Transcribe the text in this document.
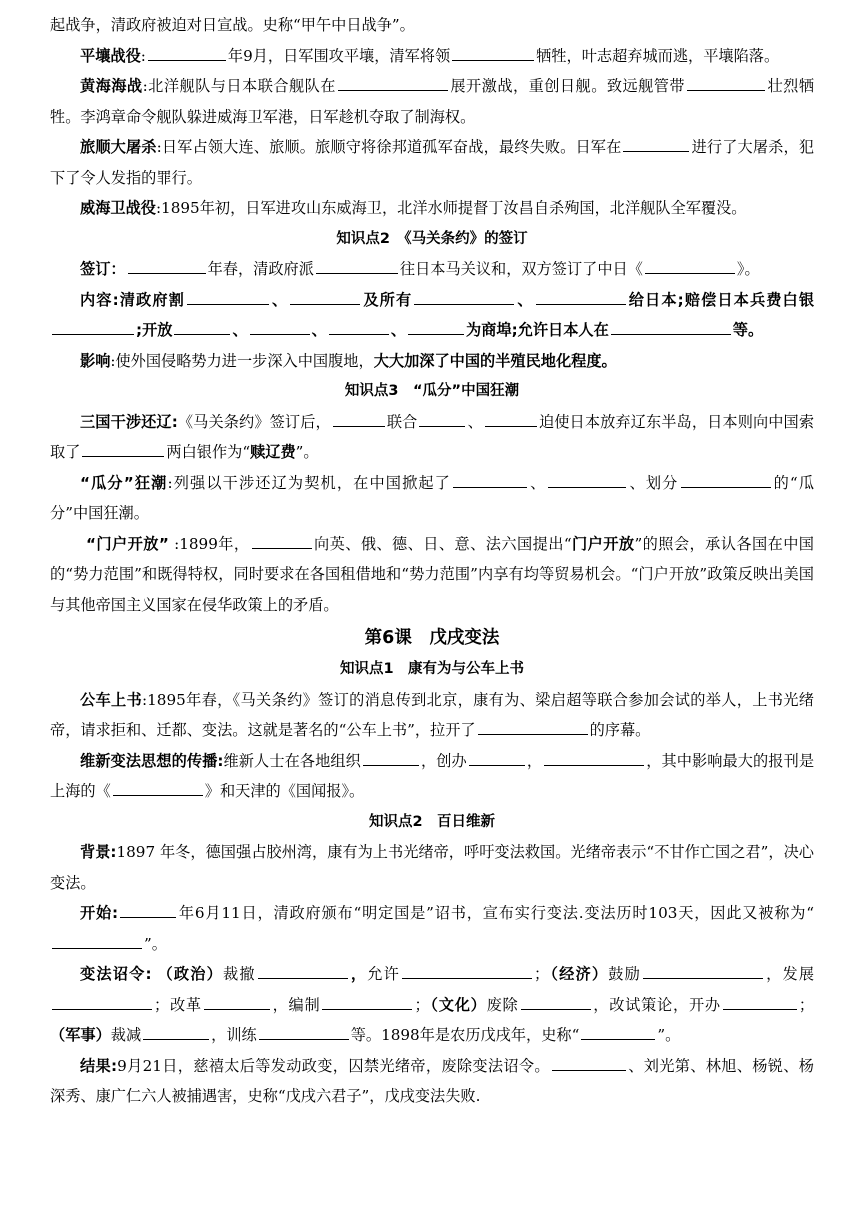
起战争，清政府被迫对日宣战。史称“甲午中日战争”。

平壤战役:	年9月，日军围攻平壤，清军将领	牺牲，叶志超弃城而逃，平壤陷落。

黄海海战:北洋舰队与日本联合舰队在	展开激战，重创日舰。致远舰管带	壮烈牺牲。李鸿章命令舰队躲进威海卫军港，日军趁机夺取了制海权。

旅顺大屠杀:日军占领大连、旅顺。旅顺守将徐邦道孤军奋战，最终失败。日军在	进行了大屠杀，犯下了令人发指的罪行。

威海卫战役:1895年初，日军进攻山东威海卫，北洋水师提督丁汝昌自杀殉国，北洋舰队全军覆没。

知识点2　《马关条约》的签订

签订：	年春，清政府派	往日本马关议和，双方签订了中日《	》。

内容:清政府割	、	及所有	、	给日本;赔偿日本兵费白银;开放	、	、	、	为商埠;允许日本人在	等。

影响:使外国侵略势力进一步深入中国腹地，大大加深了中国的半殖民地化程度。

知识点3　“瓜分”中国狂潮

三国干涉还辽:《马关条约》签订后，	联合	、	迫使日本放弃辽东半岛，日本则向中国索取了	两白银作为“赎辽费”。

“瓜分”狂潮:列强以干涉还辽为契机，在中国掀起了	、	、划分	的“瓜分”中国狂潮。

“门户开放” :1899年，	向英、俄、德、日、意、法六国提出“门户开放”的照会，承认各国在中国的“势力范围”和既得特权，同时要求在各国租借地和“势力范围”内享有均等贸易机会。“门户开放”政策反映出美国与其他帝国主义国家在侵华政策上的矛盾。

第6课　戊戌变法

知识点1　康有为与公车上书

公车上书:1895年春，《马关条约》签订的消息传到北京，康有为、梁启超等联合参加会试的举人，上书光绪帝，请求拒和、迁都、变法。这就是著名的“公车上书”，拉开了	的序幕。

维新变法思想的传播:维新人士在各地组织	，创办	，	，其中影响最大的报刊是上海的《	》和天津的《国闻报》。

知识点2　百日维新

背景:1897 年冬，德国强占胶州湾，康有为上书光绪帝，呼吁变法救国。光绪帝表示“不甘作亡国之君”，决心变法。

开始:	年6月11日，清政府颁布“明定国是”诏书，宣布实行变法.变法历时103天，因此又被称为“”。

变法诏令: （政治）裁撤	，允许	；（经济）鼓励	，发展；改革	，编制	；（文化）废除	，改试策论，开办	；（军事）裁减	，训练	等。1898年是农历戊戌年，史称“	”。

结果:9月21日，慈禧太后等发动政变，囚禁光绪帝，废除变法诏令。	、刘光第、林旭、杨锐、杨深秀、康广仁六人被捕遇害，史称“戊戌六君子”，戊戌变法失败.
